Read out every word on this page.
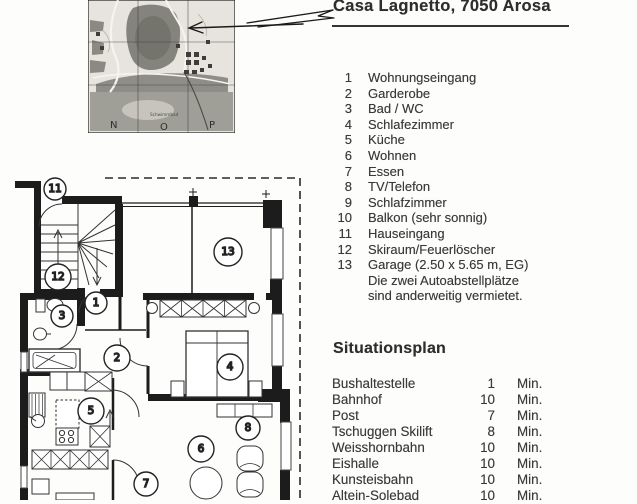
Schwimmbad
N	O	P
Casa Lagnetto, 7050 Arosa
1 Wohnungseingang
2 Garderobe
3 Bad / WC
4 Schlafezimmer
5 Küche
6 Wohnen
7 Essen
8 TV/Telefon
9 Schlafzimmer
10 Balkon (sehr sonnig)
11 Hauseingang
12 Skiraum/Feuerlöscher
13 Garage (2.50 x 5.65 m, EG)
Die zwei Autoabstellplätze
sind anderweitig vermietet.
Situationsplan
Bushaltestelle	1 Min.
Bahnhof	10 Min.
Post	7 Min.
Tschuggen Skilift	8 Min.
Weisshornbahn	10 Min.
Eishalle	10 Min.
Kunsteisbahn	10 Min.
Altein-Solebad	10 Min.
11
12
13
1
3
2
4
5
8
6
7
